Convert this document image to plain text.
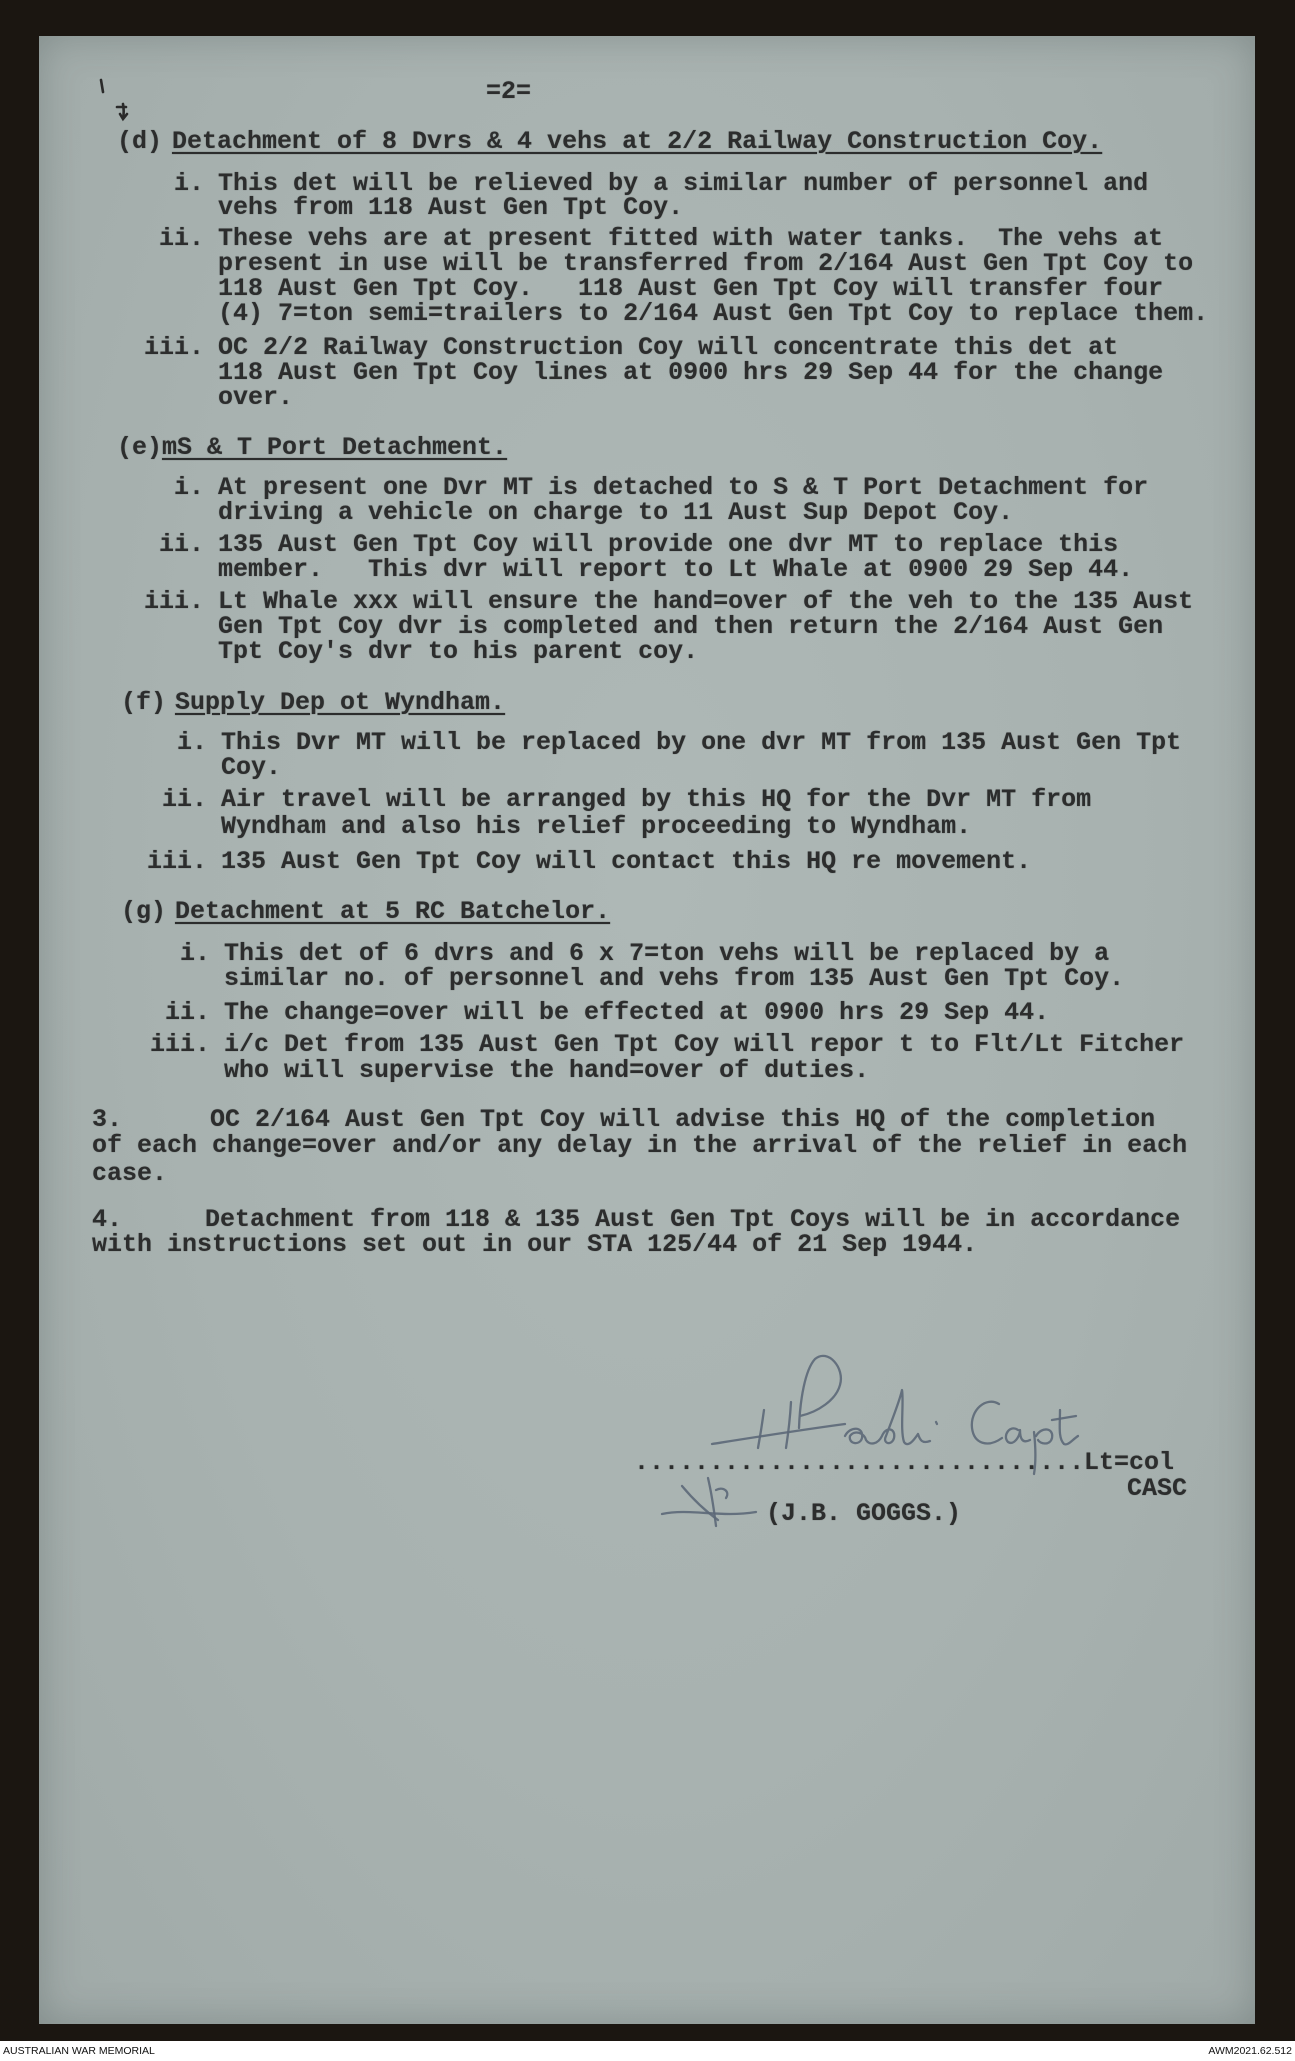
=2=
(d) Detachment of 8 Dvrs & 4 vehs at 2/2 Railway Construction Coy.
i. This det will be relieved by a similar number of personnel and
vehs from 118 Aust Gen Tpt Coy.
ii. These vehs are at present fitted with water tanks.  The vehs at
present in use will be transferred from 2/164 Aust Gen Tpt Coy to
118 Aust Gen Tpt Coy.   118 Aust Gen Tpt Coy will transfer four
(4) 7=ton semi=trailers to 2/164 Aust Gen Tpt Coy to replace them.
iii. OC 2/2 Railway Construction Coy will concentrate this det at
118 Aust Gen Tpt Coy lines at 0900 hrs 29 Sep 44 for the change
over.
(e) mS & T Port Detachment.
i. At present one Dvr MT is detached to S & T Port Detachment for
driving a vehicle on charge to 11 Aust Sup Depot Coy.
ii. 135 Aust Gen Tpt Coy will provide one dvr MT to replace this
member.   This dvr will report to Lt Whale at 0900 29 Sep 44.
iii. Lt Whale xxx will ensure the hand=over of the veh to the 135 Aust
Gen Tpt Coy dvr is completed and then return the 2/164 Aust Gen
Tpt Coy's dvr to his parent coy.
(f) Supply Dep ot Wyndham.
i. This Dvr MT will be replaced by one dvr MT from 135 Aust Gen Tpt
Coy.
ii. Air travel will be arranged by this HQ for the Dvr MT from
Wyndham and also his relief proceeding to Wyndham.
iii. 135 Aust Gen Tpt Coy will contact this HQ re movement.
(g) Detachment at 5 RC Batchelor.
i. This det of 6 dvrs and 6 x 7=ton vehs will be replaced by a
similar no. of personnel and vehs from 135 Aust Gen Tpt Coy.
ii. The change=over will be effected at 0900 hrs 29 Sep 44.
iii. i/c Det from 135 Aust Gen Tpt Coy will repor t to Flt/Lt Fitcher
who will supervise the hand=over of duties.
3.	OC 2/164 Aust Gen Tpt Coy will advise this HQ of the completion
of each change=over and/or any delay in the arrival of the relief in each
case.
4.	Detachment from 118 & 135 Aust Gen Tpt Coys will be in accordance
with instructions set out in our STA 125/44 of 21 Sep 1944.
.............................. Lt=col
CASC
(J.B. GOGGS.)
AUSTRALIAN WAR MEMORIAL	AWM2021.62.512
